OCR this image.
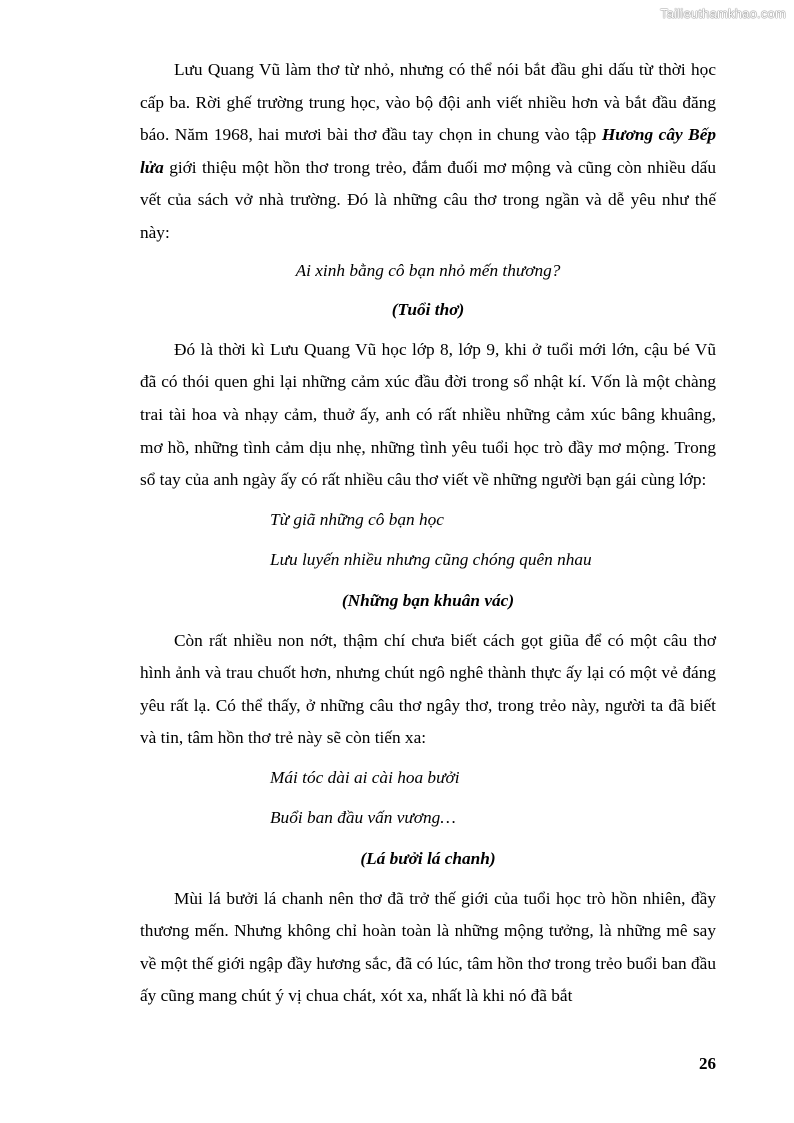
Tailieuthamkhao.com

Lưu Quang Vũ làm thơ từ nhỏ, nhưng có thể nói bắt đầu ghi dấu từ thời học cấp ba. Rời ghế trường trung học, vào bộ đội anh viết nhiều hơn và bắt đầu đăng báo. Năm 1968, hai mươi bài thơ đầu tay chọn in chung vào tập Hương cây Bếp lửa giới thiệu một hồn thơ trong trẻo, đắm đuối mơ mộng và cũng còn nhiều dấu vết của sách vở nhà trường. Đó là những câu thơ trong ngần và dễ yêu như thế này:

Ai xinh bằng cô bạn nhỏ mến thương?

(Tuổi thơ)

Đó là thời kì Lưu Quang Vũ học lớp 8, lớp 9, khi ở tuổi mới lớn, cậu bé Vũ đã có thói quen ghi lại những cảm xúc đầu đời trong sổ nhật kí. Vốn là một chàng trai tài hoa và nhạy cảm, thuở ấy, anh có rất nhiều những cảm xúc bâng khuâng, mơ hồ, những tình cảm dịu nhẹ, những tình yêu tuổi học trò đầy mơ mộng. Trong sổ tay của anh ngày ấy có rất nhiều câu thơ viết về những người bạn gái cùng lớp:

Từ giã những cô bạn học

Lưu luyến nhiều nhưng cũng chóng quên nhau

(Những bạn khuân vác)

Còn rất nhiều non nớt, thậm chí chưa biết cách gọt giũa để có một câu thơ hình ảnh và trau chuốt hơn, nhưng chút ngô nghê thành thực ấy lại có một vẻ đáng yêu rất lạ. Có thể thấy, ở những câu thơ ngây thơ, trong trẻo này, người ta đã biết và tin, tâm hồn thơ trẻ này sẽ còn tiến xa:

Mái tóc dài ai cài hoa bưởi

Buổi ban đầu vấn vương…

(Lá bưởi lá chanh)

Mùi lá bưởi lá chanh nên thơ đã trở thế giới của tuổi học trò hồn nhiên, đầy thương mến. Nhưng không chỉ hoàn toàn là những mộng tưởng, là những mê say về một thế giới ngập đầy hương sắc, đã có lúc, tâm hồn thơ trong trẻo buổi ban đầu ấy cũng mang chút ý vị chua chát, xót xa, nhất là khi nó đã bắt

26
